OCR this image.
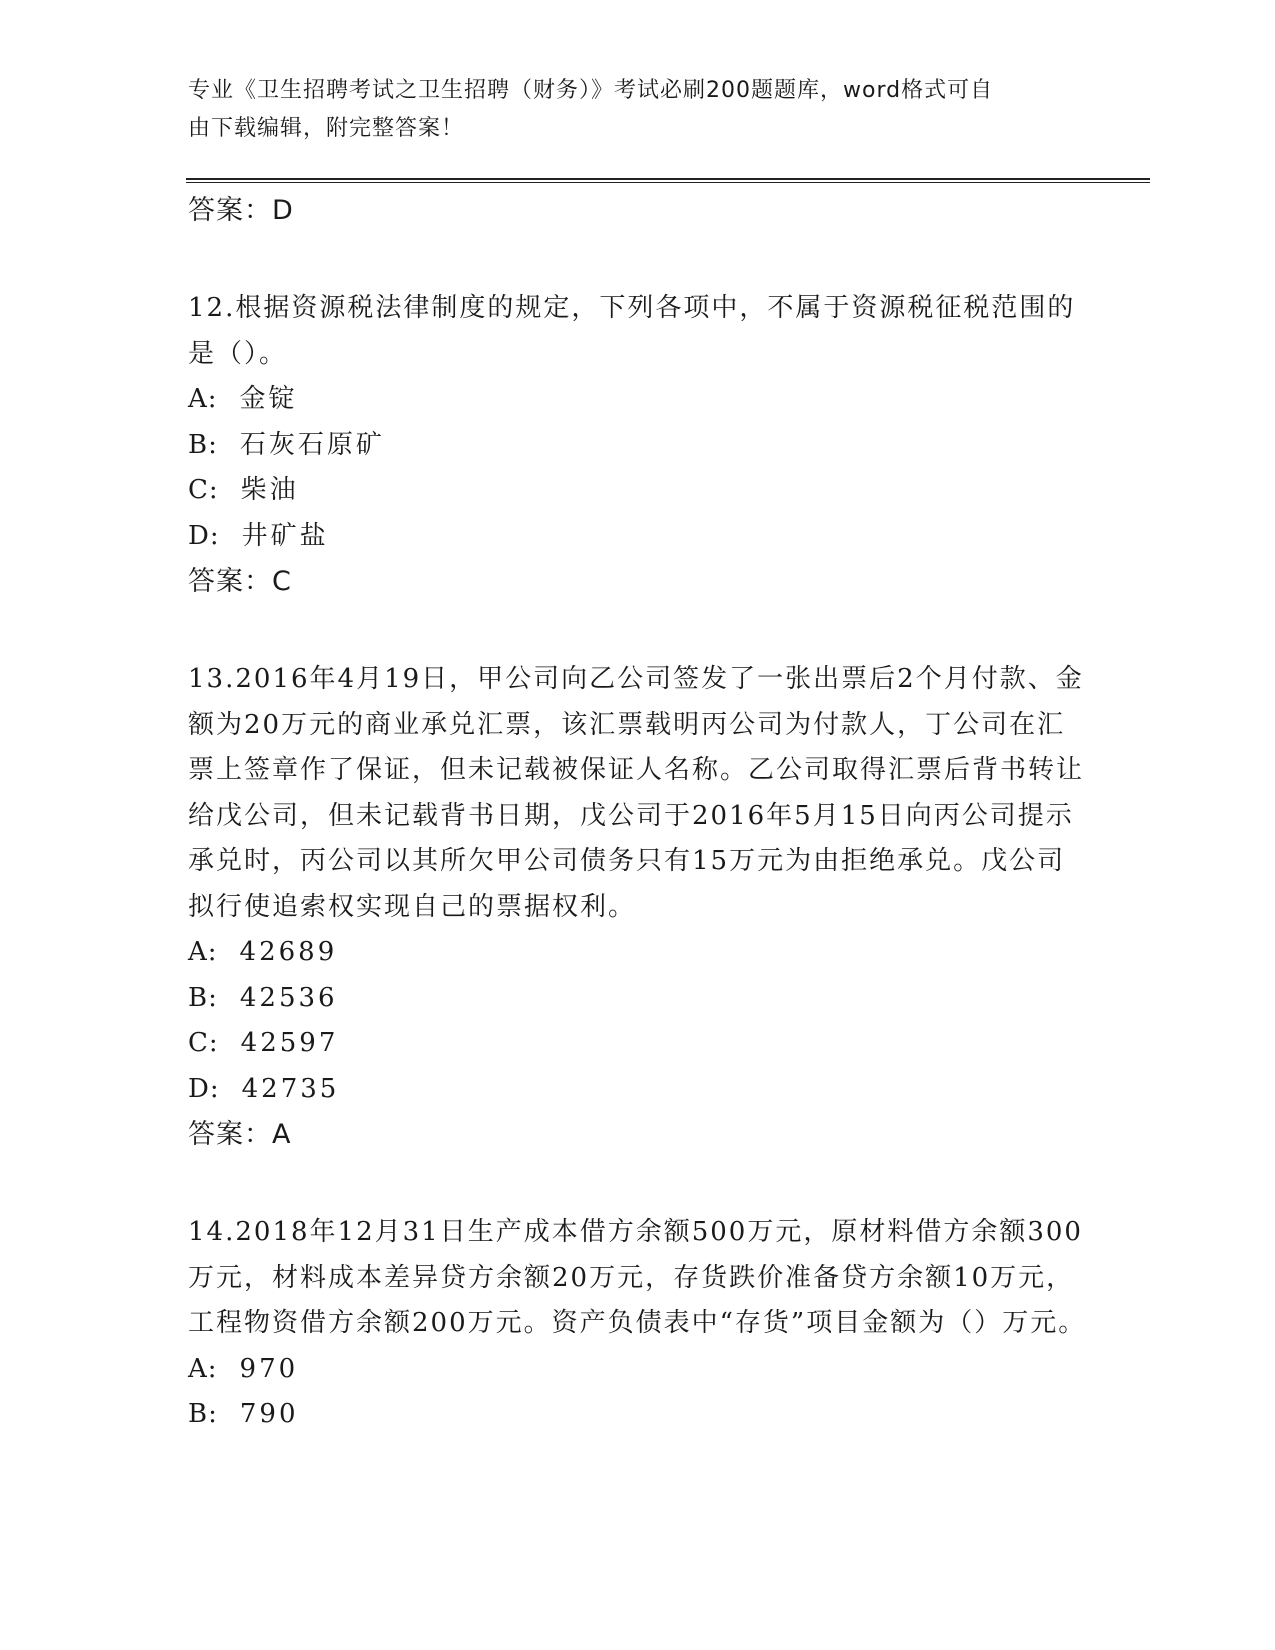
专业《卫生招聘考试之卫生招聘（财务）》考试必刷200题题库，word格式可自
由下载编辑，附完整答案！
答案：D
12.根据资源税法律制度的规定，下列各项中，不属于资源税征税范围的是（）。
A: 金锭
B: 石灰石原矿
C: 柴油
D: 井矿盐
答案：C
13.2016年4月19日，甲公司向乙公司签发了一张出票后2个月付款、金额为20万元的商业承兑汇票，该汇票载明丙公司为付款人，丁公司在汇票上签章作了保证，但未记载被保证人名称。乙公司取得汇票后背书转让给戊公司，但未记载背书日期，戊公司于2016年5月15日向丙公司提示承兑时，丙公司以其所欠甲公司债务只有15万元为由拒绝承兑。戊公司拟行使追索权实现自己的票据权利。
A: 42689
B: 42536
C: 42597
D: 42735
答案：A
14.2018年12月31日生产成本借方余额500万元，原材料借方余额300万元，材料成本差异贷方余额20万元，存货跌价准备贷方余额10万元，工程物资借方余额200万元。资产负债表中“存货”项目金额为（）万元。
A: 970
B: 790
